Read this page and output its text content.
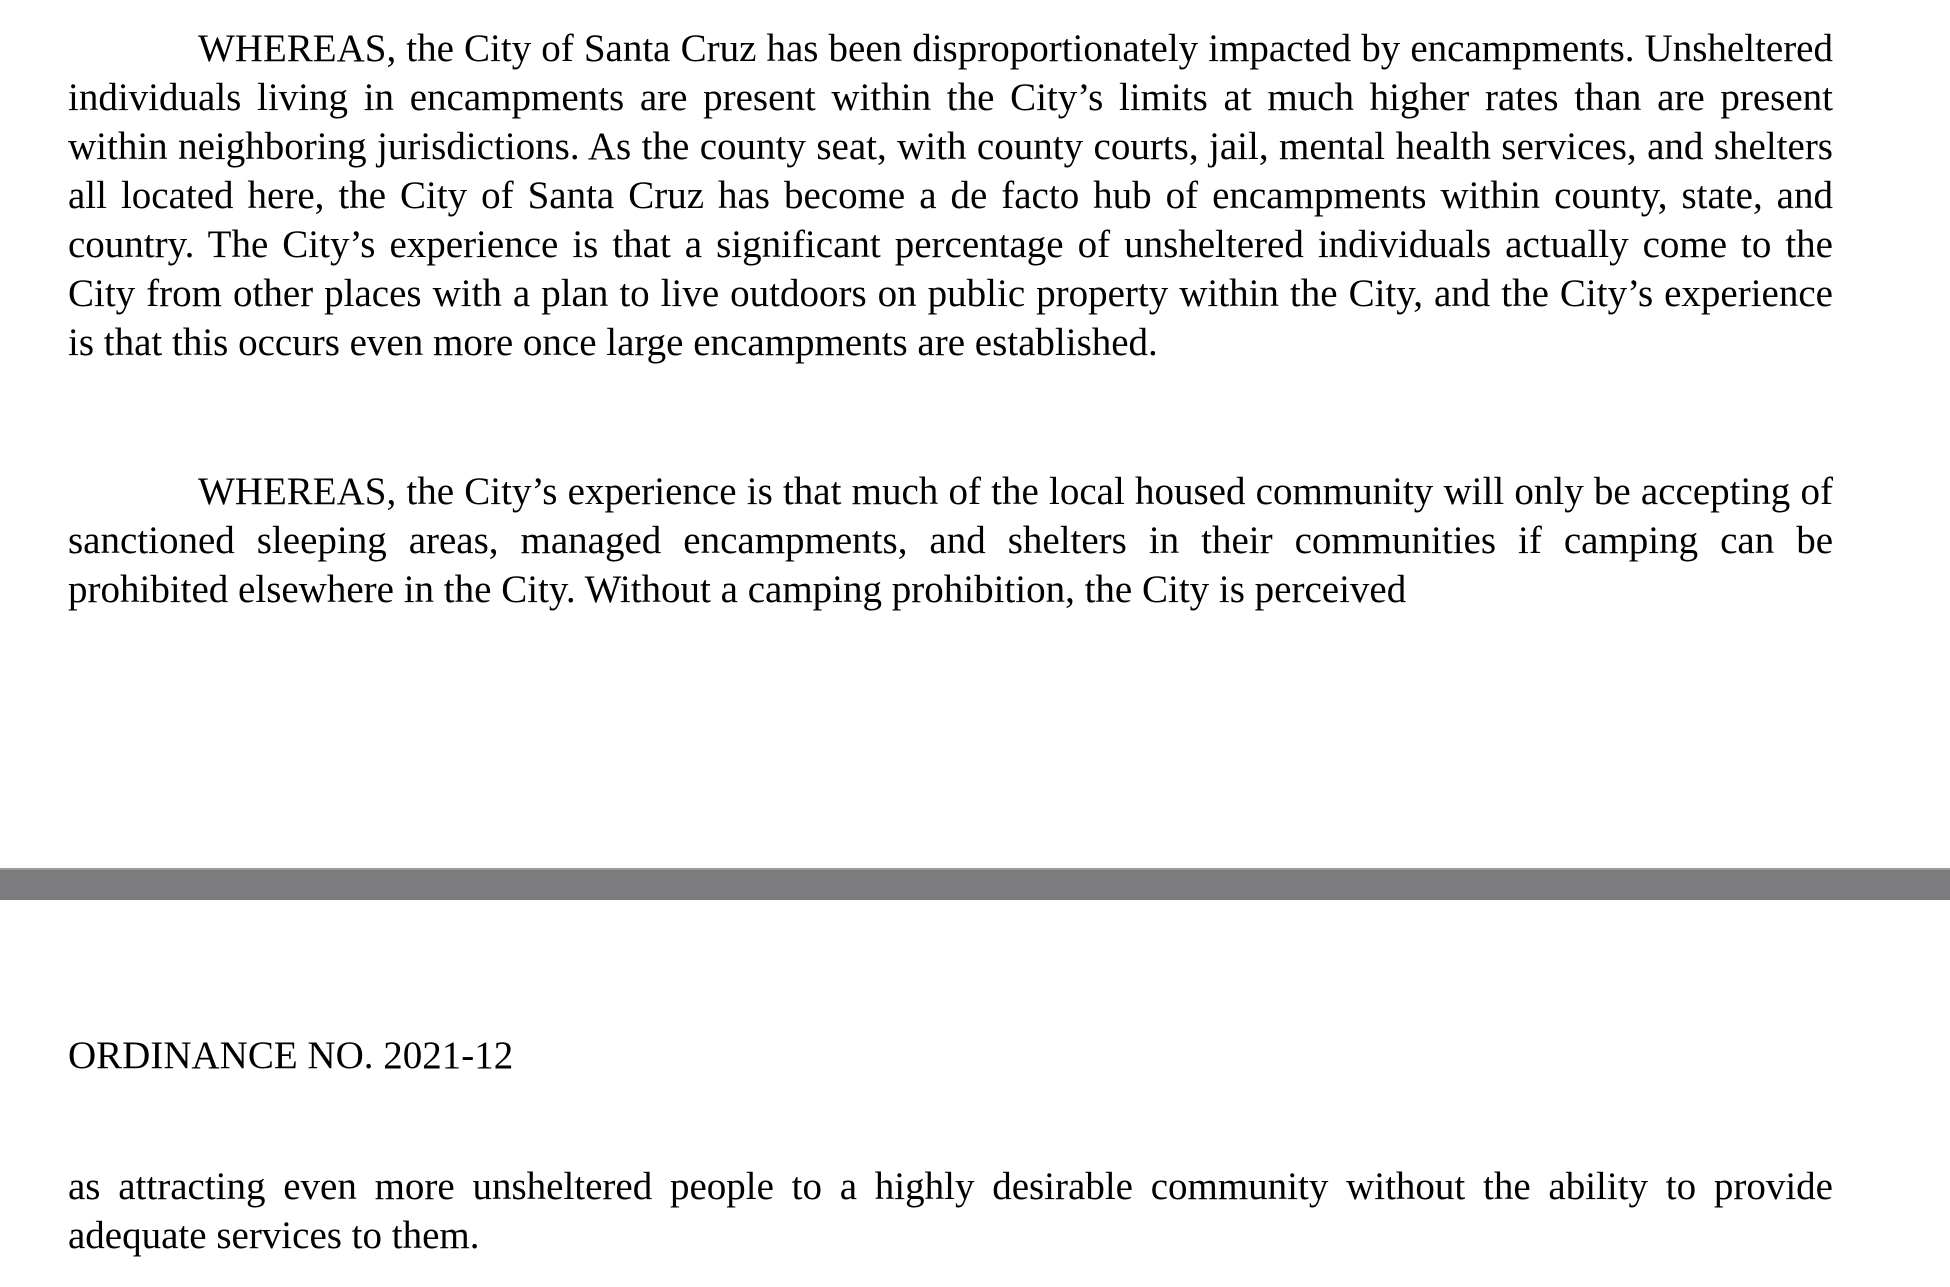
WHEREAS, the City of Santa Cruz has been disproportionately impacted by encampments. Unsheltered individuals living in encampments are present within the City’s limits at much higher rates than are present within neighboring jurisdictions. As the county seat, with county courts, jail, mental health services, and shelters all located here, the City of Santa Cruz has become a de facto hub of encampments within county, state, and country. The City’s experience is that a significant percentage of unsheltered individuals actually come to the City from other places with a plan to live outdoors on public property within the City, and the City’s experience is that this occurs even more once large encampments are established.

WHEREAS, the City’s experience is that much of the local housed community will only be accepting of sanctioned sleeping areas, managed encampments, and shelters in their communities if camping can be prohibited elsewhere in the City. Without a camping prohibition, the City is perceived

ORDINANCE NO. 2021-12

as attracting even more unsheltered people to a highly desirable community without the ability to provide adequate services to them.
